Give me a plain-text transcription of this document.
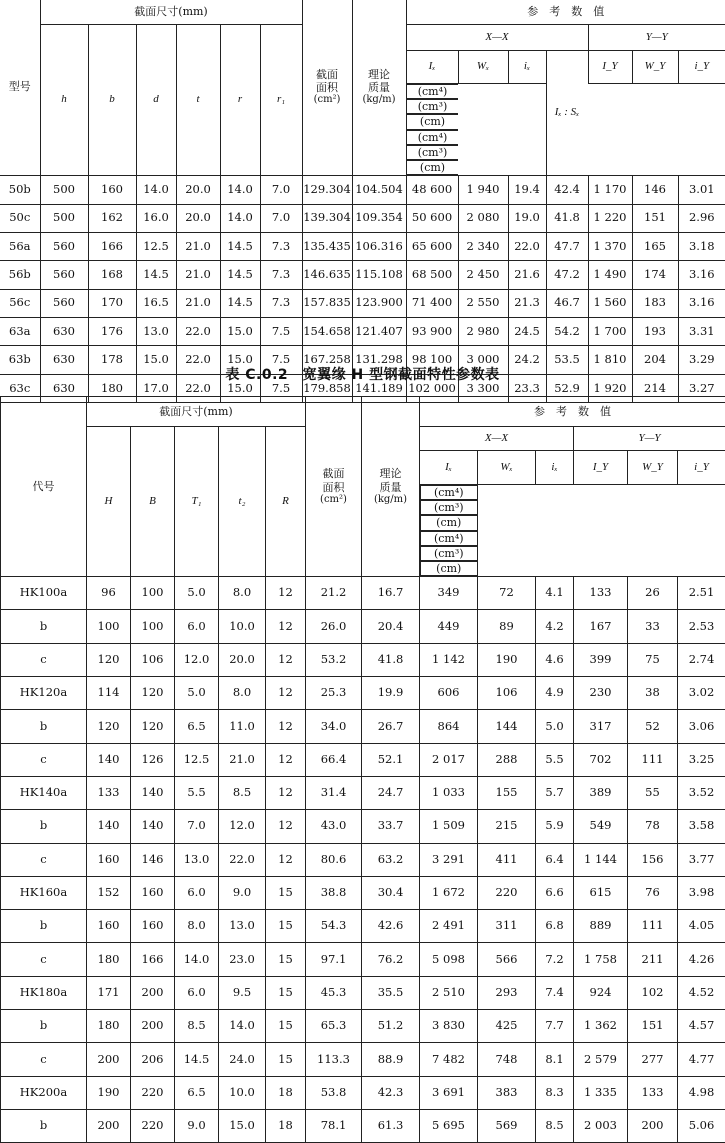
型号	截面尺寸(mm)						截面
面积
(cm²)	理论
质量
(kg/m)	参　考　数　值						
	h	b	d	t	r	r₁			X—X				Y—Y		
									Iₓ	Wₓ	iₓ	Iₓ : Sₓ	I_Y	W_Y	i_Y

(cm⁴)
(cm³)
(cm)
(cm⁴)
(cm³)
(cm)

50b	500	160	14.0	20.0	14.0	7.0	129.304	104.504	48 600	1 940	19.4	42.4	1 170	146	3.01
50c	500	162	16.0	20.0	14.0	7.0	139.304	109.354	50 600	2 080	19.0	41.8	1 220	151	2.96
56a	560	166	12.5	21.0	14.5	7.3	135.435	106.316	65 600	2 340	22.0	47.7	1 370	165	3.18
56b	560	168	14.5	21.0	14.5	7.3	146.635	115.108	68 500	2 450	21.6	47.2	1 490	174	3.16
56c	560	170	16.5	21.0	14.5	7.3	157.835	123.900	71 400	2 550	21.3	46.7	1 560	183	3.16
63a	630	176	13.0	22.0	15.0	7.5	154.658	121.407	93 900	2 980	24.5	54.2	1 700	193	3.31
63b	630	178	15.0	22.0	15.0	7.5	167.258	131.298	98 100	3 000	24.2	53.5	1 810	204	3.29
63c	630	180	17.0	22.0	15.0	7.5	179.858	141.189	102 000	3 300	23.3	52.9	1 920	214	3.27
表 C.0.2　宽翼缘 H 型钢截面特性参数表
代号	截面尺寸(mm)					截面
面积
(cm²)	理论
质量
(kg/m)	参　考　数　值					
	H	B	T₁	t₂	R			X—X			Y—Y		
								Iₓ	Wₓ	iₓ	I_Y	W_Y	i_Y

(cm⁴)
(cm³)
(cm)
(cm⁴)
(cm³)
(cm)

HK100a	96	100	5.0	8.0	12	21.2	16.7	349	72	4.1	133	26	2.51
b	100	100	6.0	10.0	12	26.0	20.4	449	89	4.2	167	33	2.53
c	120	106	12.0	20.0	12	53.2	41.8	1 142	190	4.6	399	75	2.74
HK120a	114	120	5.0	8.0	12	25.3	19.9	606	106	4.9	230	38	3.02
b	120	120	6.5	11.0	12	34.0	26.7	864	144	5.0	317	52	3.06
c	140	126	12.5	21.0	12	66.4	52.1	2 017	288	5.5	702	111	3.25
HK140a	133	140	5.5	8.5	12	31.4	24.7	1 033	155	5.7	389	55	3.52
b	140	140	7.0	12.0	12	43.0	33.7	1 509	215	5.9	549	78	3.58
c	160	146	13.0	22.0	12	80.6	63.2	3 291	411	6.4	1 144	156	3.77
HK160a	152	160	6.0	9.0	15	38.8	30.4	1 672	220	6.6	615	76	3.98
b	160	160	8.0	13.0	15	54.3	42.6	2 491	311	6.8	889	111	4.05
c	180	166	14.0	23.0	15	97.1	76.2	5 098	566	7.2	1 758	211	4.26
HK180a	171	200	6.0	9.5	15	45.3	35.5	2 510	293	7.4	924	102	4.52
b	180	200	8.5	14.0	15	65.3	51.2	3 830	425	7.7	1 362	151	4.57
c	200	206	14.5	24.0	15	113.3	88.9	7 482	748	8.1	2 579	277	4.77
HK200a	190	220	6.5	10.0	18	53.8	42.3	3 691	383	8.3	1 335	133	4.98
b	200	220	9.0	15.0	18	78.1	61.3	5 695	569	8.5	2 003	200	5.06
